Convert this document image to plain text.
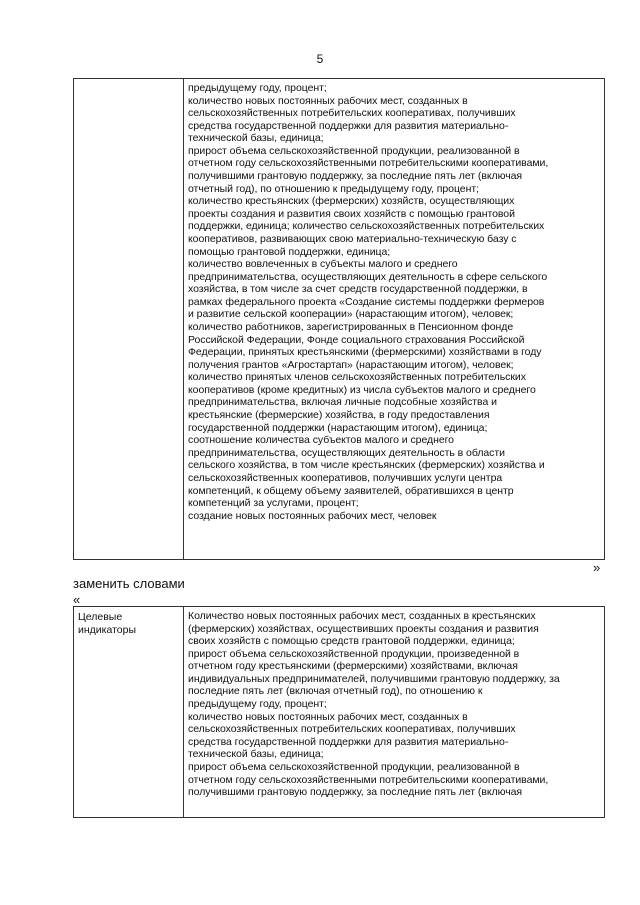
5

предыдущему году, процент;

количество новых постоянных рабочих мест, созданных в

сельскохозяйственных потребительских кооперативах, получивших

средства государственной поддержки для развития материально-

технической базы, единица;

прирост объема сельскохозяйственной продукции, реализованной в

отчетном году сельскохозяйственными потребительскими кооперативами,

получившими грантовую поддержку, за последние пять лет (включая

отчетный год), по отношению к предыдущему году, процент;

количество крестьянских (фермерских) хозяйств, осуществляющих

проекты создания и развития своих хозяйств с помощью грантовой

поддержки, единица; количество сельскохозяйственных потребительских

кооперативов, развивающих свою материально-техническую базу с

помощью грантовой поддержки, единица;

количество вовлеченных в субъекты малого и среднего

предпринимательства, осуществляющих деятельность в сфере сельского

хозяйства, в том числе за счет средств государственной поддержки, в

рамках федерального проекта «Создание системы поддержки фермеров

и развитие сельской кооперации» (нарастающим итогом), человек;

количество работников, зарегистрированных в Пенсионном фонде

Российской Федерации, Фонде социального страхования Российской

Федерации, принятых крестьянскими (фермерскими) хозяйствами в году

получения грантов «Агростартап» (нарастающим итогом), человек;

количество принятых членов сельскохозяйственных потребительских

кооперативов (кроме кредитных) из числа субъектов малого и среднего

предпринимательства, включая личные подсобные хозяйства и

крестьянские (фермерские) хозяйства, в году предоставления

государственной поддержки (нарастающим итогом), единица;

соотношение количества субъектов малого и среднего

предпринимательства, осуществляющих деятельность в области

сельского хозяйства, в том числе крестьянских (фермерских) хозяйства и

сельскохозяйственных кооперативов, получивших услуги центра

компетенций, к общему объему заявителей, обратившихся в центр

компетенций за услугами, процент;

создание новых постоянных рабочих мест, человек

»
заменить словами
«
Целевые
индикаторы

Количество новых постоянных рабочих мест, созданных в крестьянских

(фермерских) хозяйствах, осуществивших проекты создания и развития

своих хозяйств с помощью средств грантовой поддержки, единица;

прирост объема сельскохозяйственной продукции, произведенной в

отчетном году крестьянскими (фермерскими) хозяйствами, включая

индивидуальных предпринимателей, получившими грантовую поддержку, за

последние пять лет (включая отчетный год), по отношению к

предыдущему году, процент;

количество новых постоянных рабочих мест, созданных в

сельскохозяйственных потребительских кооперативах, получивших

средства государственной поддержки для развития материально-

технической базы, единица;

прирост объема сельскохозяйственной продукции, реализованной в

отчетном году сельскохозяйственными потребительскими кооперативами,

получившими грантовую поддержку, за последние пять лет (включая
